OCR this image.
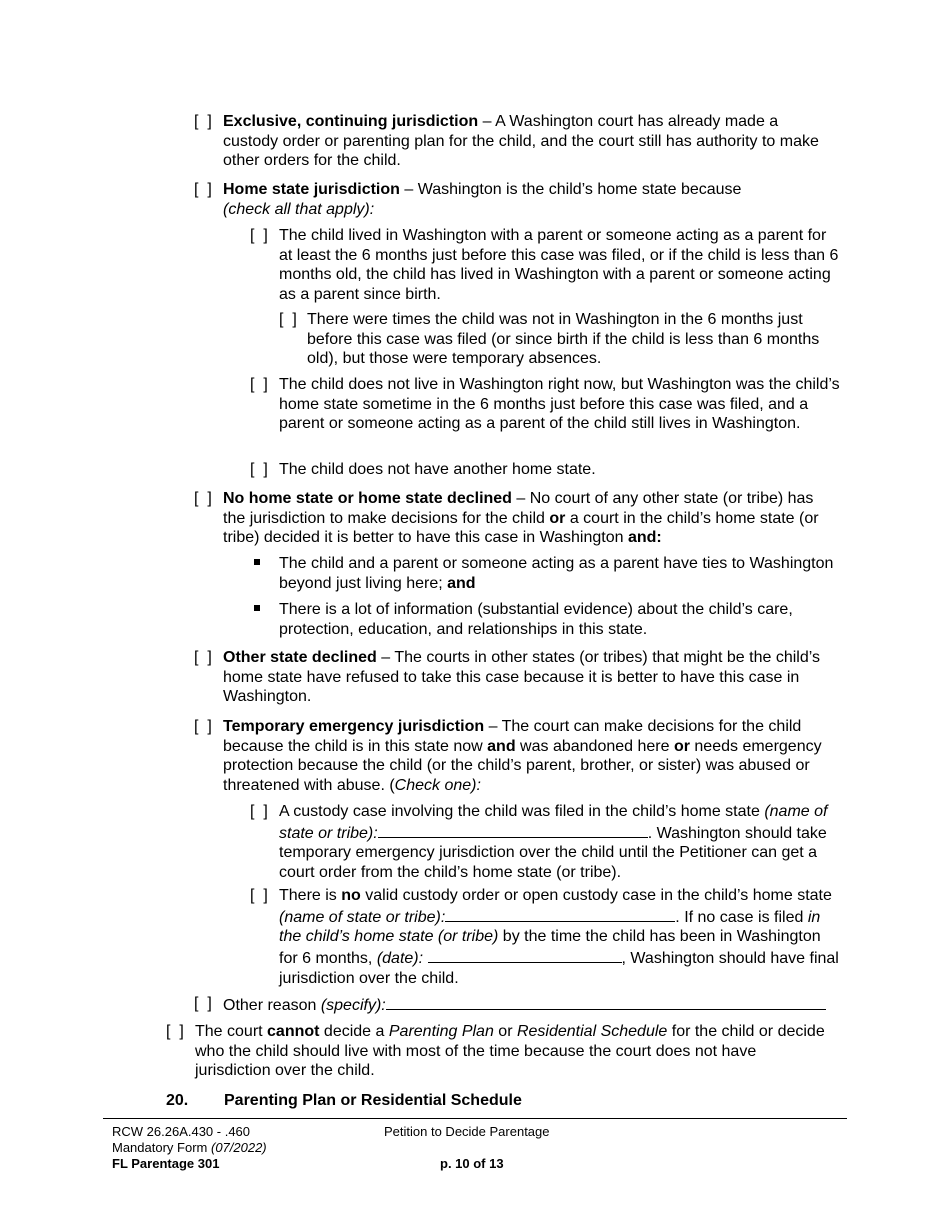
[  ] Exclusive, continuing jurisdiction – A Washington court has already made a custody order or parenting plan for the child, and the court still has authority to make other orders for the child.
[  ] Home state jurisdiction – Washington is the child’s home state because
(check all that apply):
[  ] The child lived in Washington with a parent or someone acting as a parent for at least the 6 months just before this case was filed, or if the child is less than 6 months old, the child has lived in Washington with a parent or someone acting as a parent since birth.
[  ] There were times the child was not in Washington in the 6 months just before this case was filed (or since birth if the child is less than 6 months old), but those were temporary absences.
[  ] The child does not live in Washington right now, but Washington was the child’s home state sometime in the 6 months just before this case was filed, and a parent or someone acting as a parent of the child still lives in Washington.
[  ] The child does not have another home state.
[  ] No home state or home state declined – No court of any other state (or tribe) has the jurisdiction to make decisions for the child or a court in the child’s home state (or tribe) decided it is better to have this case in Washington and:
The child and a parent or someone acting as a parent have ties to Washington beyond just living here; and
There is a lot of information (substantial evidence) about the child’s care, protection, education, and relationships in this state.
[  ] Other state declined – The courts in other states (or tribes) that might be the child’s home state have refused to take this case because it is better to have this case in Washington.
[  ] Temporary emergency jurisdiction – The court can make decisions for the child because the child is in this state now and was abandoned here or needs emergency protection because the child (or the child’s parent, brother, or sister) was abused or threatened with abuse. (Check one):
[  ] A custody case involving the child was filed in the child’s home state (name of state or tribe):	. Washington should take temporary emergency jurisdiction over the child until the Petitioner can get a court order from the child’s home state (or tribe).
[  ] There is no valid custody order or open custody case in the child’s home state (name of state or tribe):	. If no case is filed in the child’s home state (or tribe) by the time the child has been in Washington for 6 months, (date):	, Washington should have final jurisdiction over the child.
[  ] Other reason (specify):
[  ] The court cannot decide a Parenting Plan or Residential Schedule for the child or decide who the child should live with most of the time because the court does not have jurisdiction over the child.
20. Parenting Plan or Residential Schedule
RCW 26.26A.430 - .460
Mandatory Form (07/2022)
FL Parentage 301
Petition to Decide Parentage
p. 10 of 13
